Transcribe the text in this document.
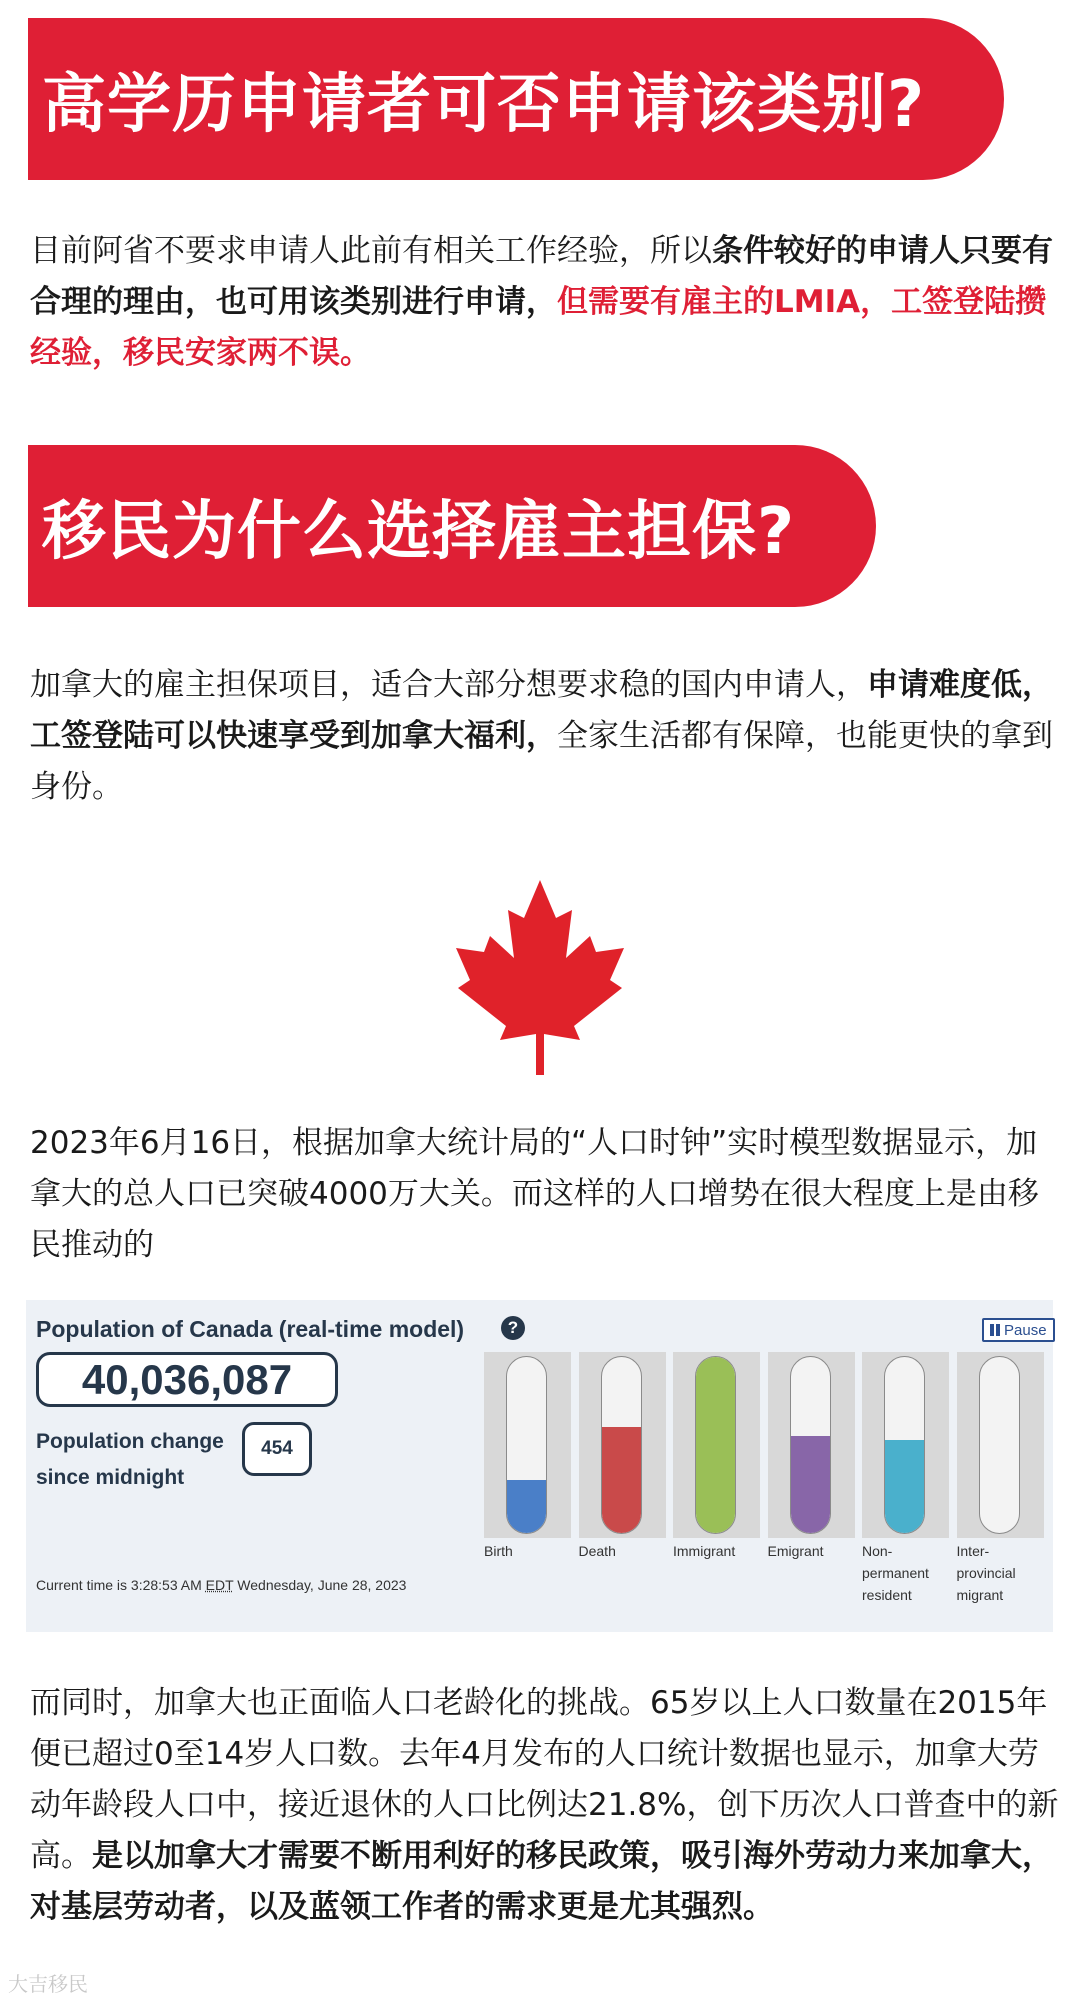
高学历申请者可否申请该类别?

目前阿省不要求申请人此前有相关工作经验，所以条件较好的申请人只要有合理的理由，也可用该类别进行申请，但需要有雇主的LMIA，工签登陆攒经验，移民安家两不误。

移民为什么选择雇主担保?

加拿大的雇主担保项目，适合大部分想要求稳的国内申请人，申请难度低，工签登陆可以快速享受到加拿大福利，全家生活都有保障，也能更快的拿到身份。

2023年6月16日，根据加拿大统计局的“人口时钟”实时模型数据显示，加拿大的总人口已突破4000万大关。而这样的人口增势在很大程度上是由移民推动的

Population of Canada (real-time model)	?	Pause
40,036,087
Population change since midnight
454
Current time is 3:28:53 AM EDT Wednesday, June 28, 2023
Birth	Death	Immigrant	Emigrant	Non-permanent resident
Inter-provincial migrant

而同时，加拿大也正面临人口老龄化的挑战。65岁以上人口数量在2015年便已超过0至14岁人口数。去年4月发布的人口统计数据也显示，加拿大劳动年龄段人口中，接近退休的人口比例达21.8%，创下历次人口普查中的新高。是以加拿大才需要不断用利好的移民政策，吸引海外劳动力来加拿大，对基层劳动者，以及蓝领工作者的需求更是尤其强烈。

大吉移民
